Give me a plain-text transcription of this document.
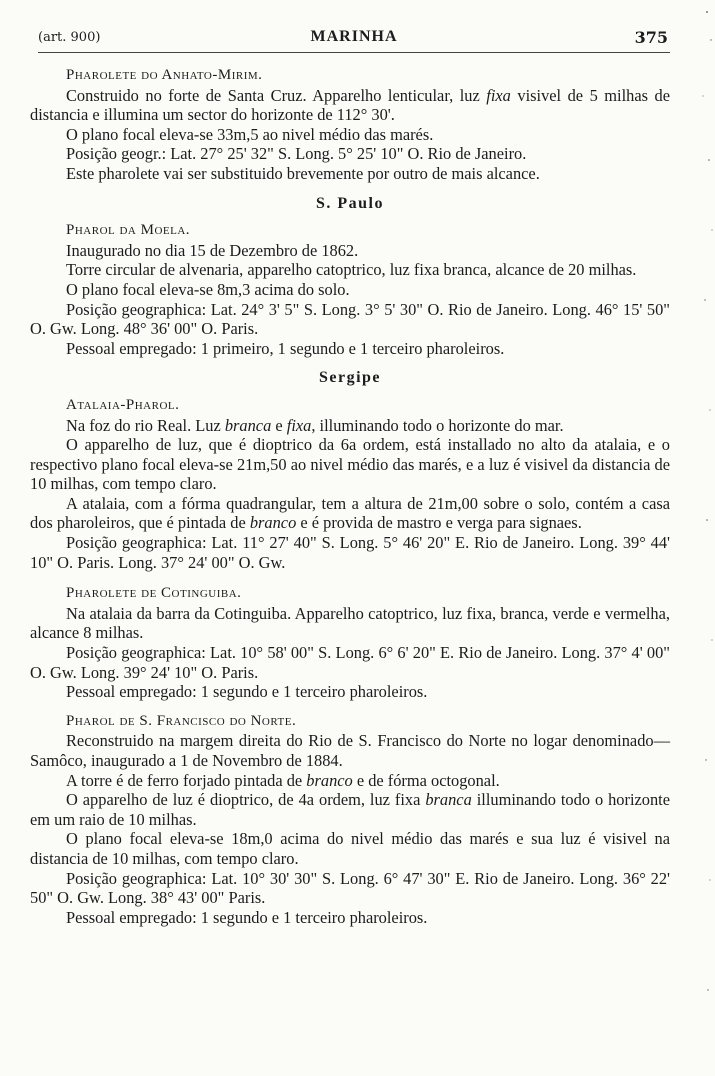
(art. 900)	MARINHA	375
Pharolete do Anhato-Mirim.

Construido no forte de Santa Cruz. Apparelho lenticular, luz fixa visivel de 5 milhas de distancia e illumina um sector do horizonte de 112° 30'.

O plano focal eleva-se 33m,5 ao nivel médio das marés.

Posição geogr.: Lat. 27° 25' 32" S. Long. 5° 25' 10" O. Rio de Janeiro.

Este pharolete vai ser substituido brevemente por outro de mais alcance.

S. Paulo
Pharol da Moela.

Inaugurado no dia 15 de Dezembro de 1862.

Torre circular de alvenaria, apparelho catoptrico, luz fixa branca, alcance de 20 milhas.

O plano focal eleva-se 8m,3 acima do solo.

Posição geographica: Lat. 24° 3' 5" S. Long. 3° 5' 30" O. Rio de Janeiro. Long. 46° 15' 50" O. Gw. Long. 48° 36' 00" O. Paris.

Pessoal empregado: 1 primeiro, 1 segundo e 1 terceiro pharoleiros.

Sergipe
Atalaia-Pharol.

Na foz do rio Real. Luz branca e fixa, illuminando todo o horizonte do mar.

O apparelho de luz, que é dioptrico da 6a ordem, está installado no alto da atalaia, e o respectivo plano focal eleva-se 21m,50 ao nivel médio das marés, e a luz é visivel da distancia de 10 milhas, com tempo claro.

A atalaia, com a fórma quadrangular, tem a altura de 21m,00 sobre o solo, contém a casa dos pharoleiros, que é pintada de branco e é provida de mastro e verga para signaes.

Posição geographica: Lat. 11° 27' 40" S. Long. 5° 46' 20" E. Rio de Janeiro. Long. 39° 44' 10" O. Paris. Long. 37° 24' 00" O. Gw.

Pharolete de Cotinguiba.

Na atalaia da barra da Cotinguiba. Apparelho catoptrico, luz fixa, branca, verde e vermelha, alcance 8 milhas.

Posição geographica: Lat. 10° 58' 00" S. Long. 6° 6' 20" E. Rio de Janeiro. Long. 37° 4' 00" O. Gw. Long. 39° 24' 10" O. Paris.

Pessoal empregado: 1 segundo e 1 terceiro pharoleiros.

Pharol de S. Francisco do Norte.

Reconstruido na margem direita do Rio de S. Francisco do Norte no logar denominado—Samôco, inaugurado a 1 de Novembro de 1884.

A torre é de ferro forjado pintada de branco e de fórma octogonal.

O apparelho de luz é dioptrico, de 4a ordem, luz fixa branca illuminando todo o horizonte em um raio de 10 milhas.

O plano focal eleva-se 18m,0 acima do nivel médio das marés e sua luz é visivel na distancia de 10 milhas, com tempo claro.

Posição geographica: Lat. 10° 30' 30" S. Long. 6° 47' 30" E. Rio de Janeiro. Long. 36° 22' 50" O. Gw. Long. 38° 43' 00" Paris.

Pessoal empregado: 1 segundo e 1 terceiro pharoleiros.
